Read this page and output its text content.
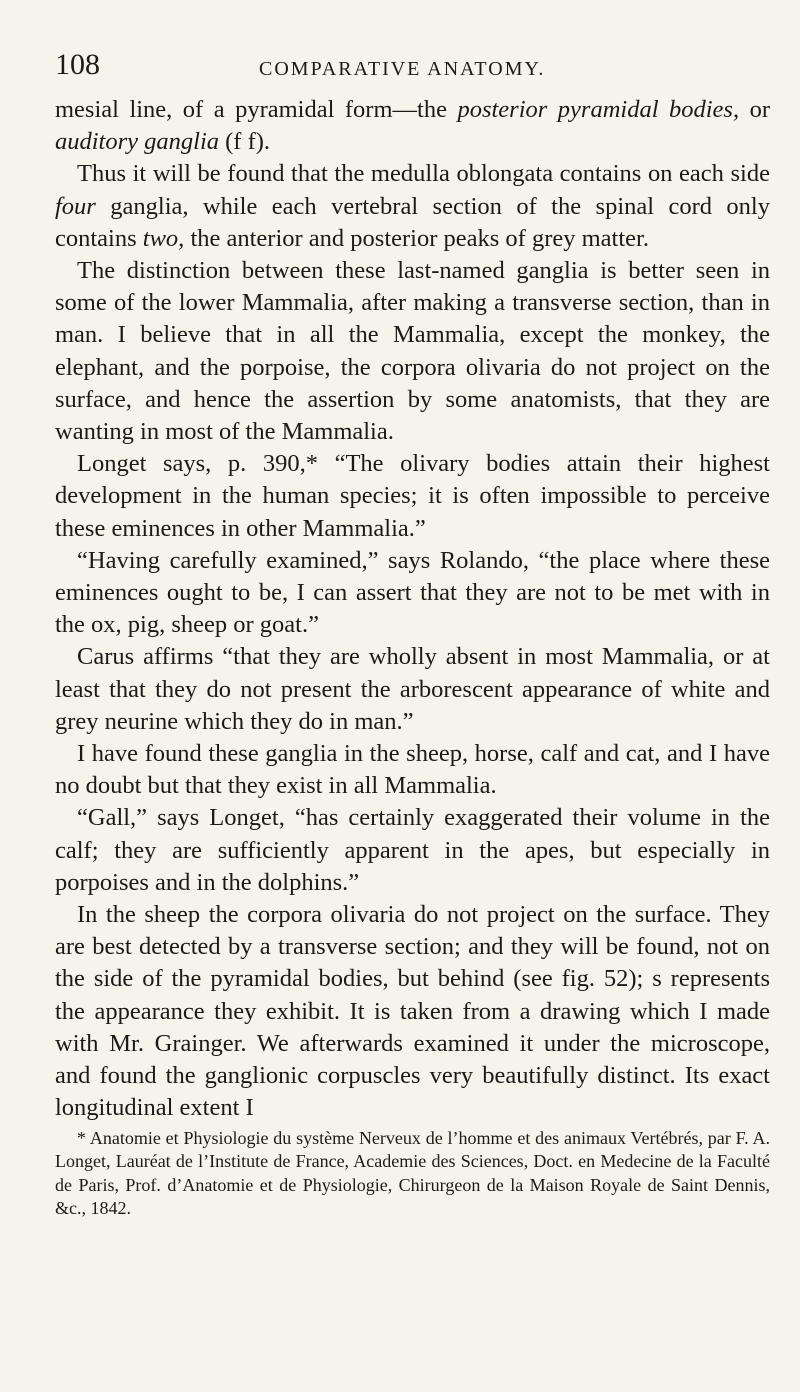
108	COMPARATIVE ANATOMY.

mesial line, of a pyramidal form—the posterior pyramidal bodies, or auditory ganglia (f f).

Thus it will be found that the medulla oblongata contains on each side four ganglia, while each vertebral section of the spinal cord only contains two, the anterior and posterior peaks of grey matter.

The distinction between these last-named ganglia is better seen in some of the lower Mammalia, after making a transverse section, than in man. I believe that in all the Mammalia, except the monkey, the elephant, and the porpoise, the corpora olivaria do not project on the surface, and hence the assertion by some anatomists, that they are wanting in most of the Mammalia.

Longet says, p. 390,* “The olivary bodies attain their highest development in the human species; it is often impossible to perceive these eminences in other Mammalia.”

“Having carefully examined,” says Rolando, “the place where these eminences ought to be, I can assert that they are not to be met with in the ox, pig, sheep or goat.”

Carus affirms “that they are wholly absent in most Mammalia, or at least that they do not present the arborescent appearance of white and grey neurine which they do in man.”

I have found these ganglia in the sheep, horse, calf and cat, and I have no doubt but that they exist in all Mammalia.

“Gall,” says Longet, “has certainly exaggerated their volume in the calf; they are sufficiently apparent in the apes, but especially in porpoises and in the dolphins.”

In the sheep the corpora olivaria do not project on the surface. They are best detected by a transverse section; and they will be found, not on the side of the pyramidal bodies, but behind (see fig. 52); s represents the appearance they exhibit. It is taken from a drawing which I made with Mr. Grainger. We afterwards examined it under the microscope, and found the ganglionic corpuscles very beautifully distinct. Its exact longitudinal extent I

* Anatomie et Physiologie du système Nerveux de l’homme et des animaux Vertébrés, par F. A. Longet, Lauréat de l’Institute de France, Academie des Sciences, Doct. en Medecine de la Faculté de Paris, Prof. d’Anatomie et de Physiologie, Chirurgeon de la Maison Royale de Saint Dennis, &c., 1842.
